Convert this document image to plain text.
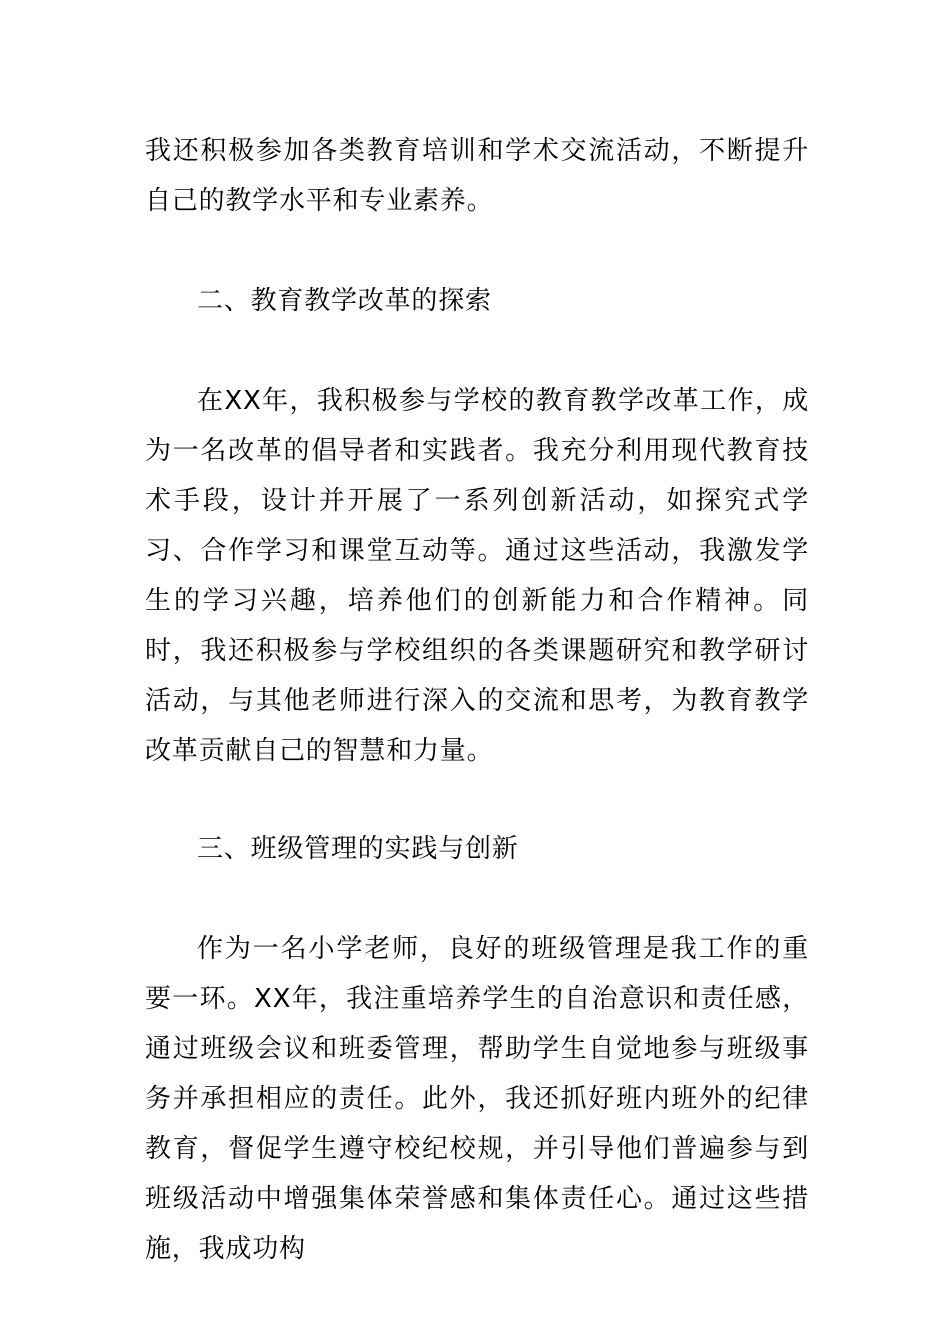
我还积极参加各类教育培训和学术交流活动，不断提升自己的教学水平和专业素养。

二、教育教学改革的探索

在XX年，我积极参与学校的教育教学改革工作，成为一名改革的倡导者和实践者。我充分利用现代教育技术手段，设计并开展了一系列创新活动，如探究式学习、合作学习和课堂互动等。通过这些活动，我激发学生的学习兴趣，培养他们的创新能力和合作精神。同时，我还积极参与学校组织的各类课题研究和教学研讨活动，与其他老师进行深入的交流和思考，为教育教学改革贡献自己的智慧和力量。

三、班级管理的实践与创新

作为一名小学老师，良好的班级管理是我工作的重要一环。XX年，我注重培养学生的自治意识和责任感，通过班级会议和班委管理，帮助学生自觉地参与班级事务并承担相应的责任。此外，我还抓好班内班外的纪律教育，督促学生遵守校纪校规，并引导他们普遍参与到班级活动中增强集体荣誉感和集体责任心。通过这些措施，我成功构
